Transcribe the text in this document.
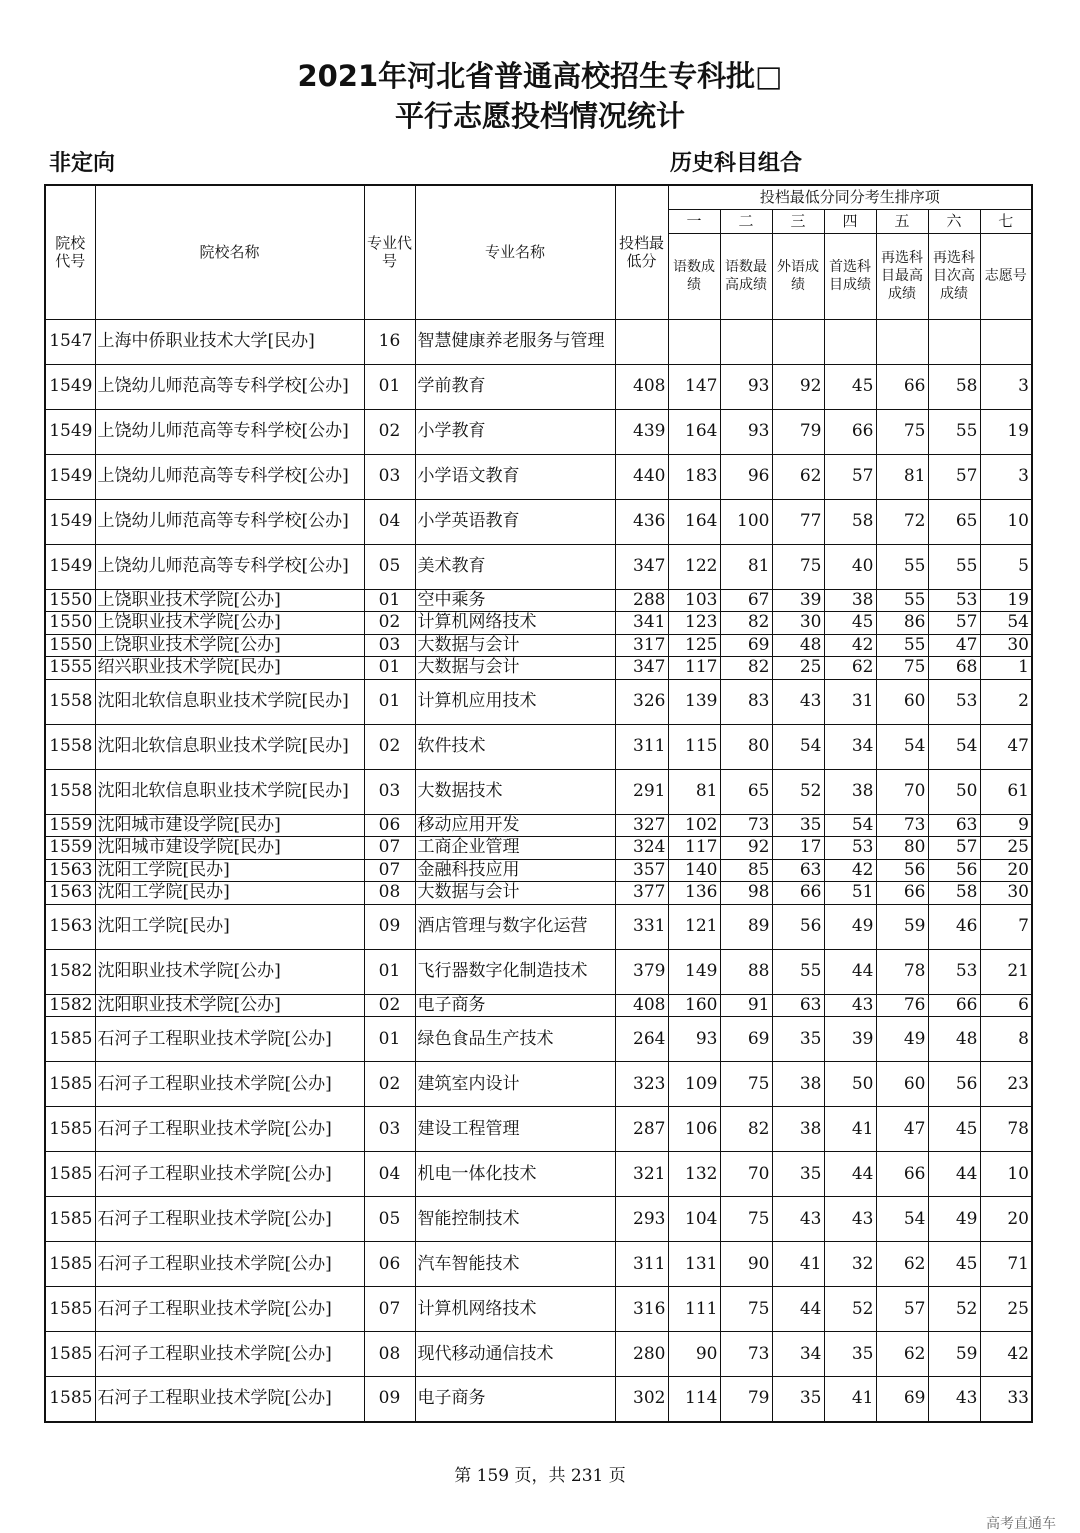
2021年河北省普通高校招生专科批□
平行志愿投档情况统计
非定向	历史科目组合
院校代号	院校名称	专业代号	专业名称	投档最低分	投档最低分同分考生排序项						
					一	二	三	四	五	六	七
					语数成绩	语数最高成绩	外语成绩	首选科目成绩	再选科目最高成绩	再选科目次高成绩	志愿号
1547	上海中侨职业技术大学[民办]	16	智慧健康养老服务与管理								
1549	上饶幼儿师范高等专科学校[公办]	01	学前教育	408	147	93	92	45	66	58	3
1549	上饶幼儿师范高等专科学校[公办]	02	小学教育	439	164	93	79	66	75	55	19
1549	上饶幼儿师范高等专科学校[公办]	03	小学语文教育	440	183	96	62	57	81	57	3
1549	上饶幼儿师范高等专科学校[公办]	04	小学英语教育	436	164	100	77	58	72	65	10
1549	上饶幼儿师范高等专科学校[公办]	05	美术教育	347	122	81	75	40	55	55	5
1550	上饶职业技术学院[公办]	01	空中乘务	288	103	67	39	38	55	53	19
1550	上饶职业技术学院[公办]	02	计算机网络技术	341	123	82	30	45	86	57	54
1550	上饶职业技术学院[公办]	03	大数据与会计	317	125	69	48	42	55	47	30
1555	绍兴职业技术学院[民办]	01	大数据与会计	347	117	82	25	62	75	68	1
1558	沈阳北软信息职业技术学院[民办]	01	计算机应用技术	326	139	83	43	31	60	53	2
1558	沈阳北软信息职业技术学院[民办]	02	软件技术	311	115	80	54	34	54	54	47
1558	沈阳北软信息职业技术学院[民办]	03	大数据技术	291	81	65	52	38	70	50	61
1559	沈阳城市建设学院[民办]	06	移动应用开发	327	102	73	35	54	73	63	9
1559	沈阳城市建设学院[民办]	07	工商企业管理	324	117	92	17	53	80	57	25
1563	沈阳工学院[民办]	07	金融科技应用	357	140	85	63	42	56	56	20
1563	沈阳工学院[民办]	08	大数据与会计	377	136	98	66	51	66	58	30
1563	沈阳工学院[民办]	09	酒店管理与数字化运营	331	121	89	56	49	59	46	7
1582	沈阳职业技术学院[公办]	01	飞行器数字化制造技术	379	149	88	55	44	78	53	21
1582	沈阳职业技术学院[公办]	02	电子商务	408	160	91	63	43	76	66	6
1585	石河子工程职业技术学院[公办]	01	绿色食品生产技术	264	93	69	35	39	49	48	8
1585	石河子工程职业技术学院[公办]	02	建筑室内设计	323	109	75	38	50	60	56	23
1585	石河子工程职业技术学院[公办]	03	建设工程管理	287	106	82	38	41	47	45	78
1585	石河子工程职业技术学院[公办]	04	机电一体化技术	321	132	70	35	44	66	44	10
1585	石河子工程职业技术学院[公办]	05	智能控制技术	293	104	75	43	43	54	49	20
1585	石河子工程职业技术学院[公办]	06	汽车智能技术	311	131	90	41	32	62	45	71
1585	石河子工程职业技术学院[公办]	07	计算机网络技术	316	111	75	44	52	57	52	25
1585	石河子工程职业技术学院[公办]	08	现代移动通信技术	280	90	73	34	35	62	59	42
1585	石河子工程职业技术学院[公办]	09	电子商务	302	114	79	35	41	69	43	33
第 159 页，共 231 页
高考直通车
